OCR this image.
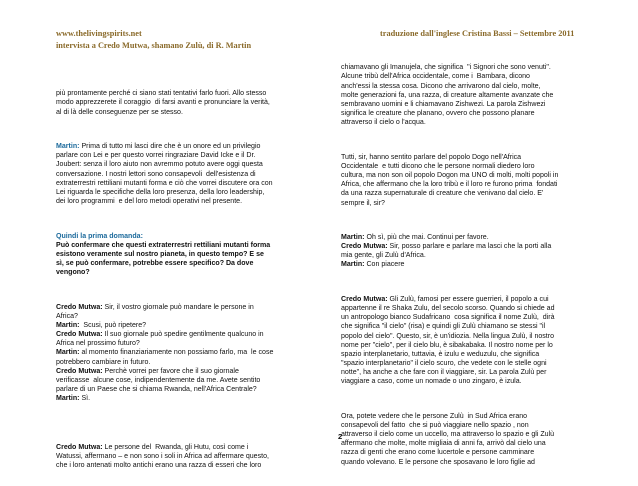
www.thelivingspirits.net
intervista a Credo Mutwa, shamano Zulù, di R. Martin
traduzione dall'inglese Cristina Bassi – Settembre 2011

più prontamente perché ci siano stati tentativi farlo fuori. Allo stesso
modo apprezzerete il coraggio  di farsi avanti e pronunciare la verità,
al di là delle conseguenze per se stesso.

Martin: Prima di tutto mi lasci dire che è un onore ed un privilegio
parlare con Lei e per questo vorrei ringraziare David Icke e il Dr.
Joubert: senza il loro aiuto non avremmo potuto avere oggi questa
conversazione. I nostri lettori sono consapevoli  dell'esistenza di
extraterrestri rettiliani mutanti forma e ciò che vorrei discutere ora con
Lei riguarda le specifiche della loro presenza, della loro leadership,
dei loro programmi  e del loro metodi operativi nel presente.

Quindi la prima domanda:
Può confermare che questi extraterrestri rettiliani mutanti forma
esistono veramente sul nostro pianeta, in questo tempo? E se
sì, se può confermare, potrebbe essere specifico? Da dove
vengono?

Credo Mutwa: Sir, il vostro giornale può mandare le persone in
Africa?
Martin:  Scusi, può ripetere?
Credo Mutwa: Il suo giornale può spedire gentilmente qualcuno in
Africa nel prossimo futuro?
Martin: al momento finanziariamente non possiamo farlo, ma  le cose
potrebbero cambiare in futuro.
Credo Mutwa: Perchè vorrei per favore che il suo giornale
verificasse  alcune cose, indipendentemente da me. Avete sentito
parlare di un Paese che si chiama Rwanda, nell'Africa Centrale?
Martin: Sì.

Credo Mutwa: Le persone del  Rwanda, gli Hutu, così come i
Watussi, affermano – e non sono i soli in Africa ad affermare questo,
che i loro antenati molto antichi erano una razza di esseri che loro

chiamavano gli Imanujela, che significa  "i Signori che sono venuti".
Alcune tribù dell'Africa occidentale, come i  Bambara, dicono
anch'essi la stessa cosa. Dicono che arrivarono dal cielo, molte,
molte generazioni fa, una razza, di creature altamente avanzate che
sembravano uomini e li chiamavano Zishwezi. La parola Zishwezi
significa le creature che planano, ovvero che possono planare
attraverso il cielo o l'acqua.

Tutti, sir, hanno sentito parlare del popolo Dogo nell'Africa
Occidentale  e tutti dicono che le persone normali diedero loro
cultura, ma non son oil popolo Dogon ma UNO di molti, molti popoli in
Africa, che affermano che la loro tribù e il loro re furono prima  fondati
da una razza supernaturale di creature che venivano dal cielo. E'
sempre il, sir?

Martin: Oh sì, più che mai. Continui per favore.
Credo Mutwa: Sir, posso parlare e parlare ma lasci che la porti alla
mia gente, gli Zulù d'Africa.
Martin: Con piacere

Credo Mutwa: Gli Zulù, famosi per essere guerrieri, il popolo a cui
appartenne il re Shaka Zulu, del secolo scorso. Quando si chiede ad
un antropologo bianco Sudafricano  cosa significa il nome Zulù,  dirà
che significa "il cielo" (risa) e quindi gli Zulù chiamano se stessi "il
popolo del cielo". Questo, sir, è un'idiozia. Nella lingua Zulù, il nostro
nome per "cielo", per il cielo blu, è sibakabaka. Il nostro nome per lo
spazio interplanetario, tuttavia, è izulu e weduzulu, che significa
"spazio interplanetario" il cielo scuro, che vedete con le stelle ogni
notte", ha anche a che fare con il viaggiare, sir. La parola Zulù per
viaggiare a caso, come un nomade o uno zingaro, è izula.

Ora, potete vedere che le persone Zulù  in Sud Africa erano
consapevoli del fatto  che si può viaggiare nello spazio , non
attraverso il cielo come un uccello, ma attraverso lo spazio e gli Zulù
affermano che molte, molte migliaia di anni fa, arrivò dal cielo una
razza di genti che erano come lucertole e persone camminare
quando volevano. E le persone che sposavano le loro figlie ad

2
